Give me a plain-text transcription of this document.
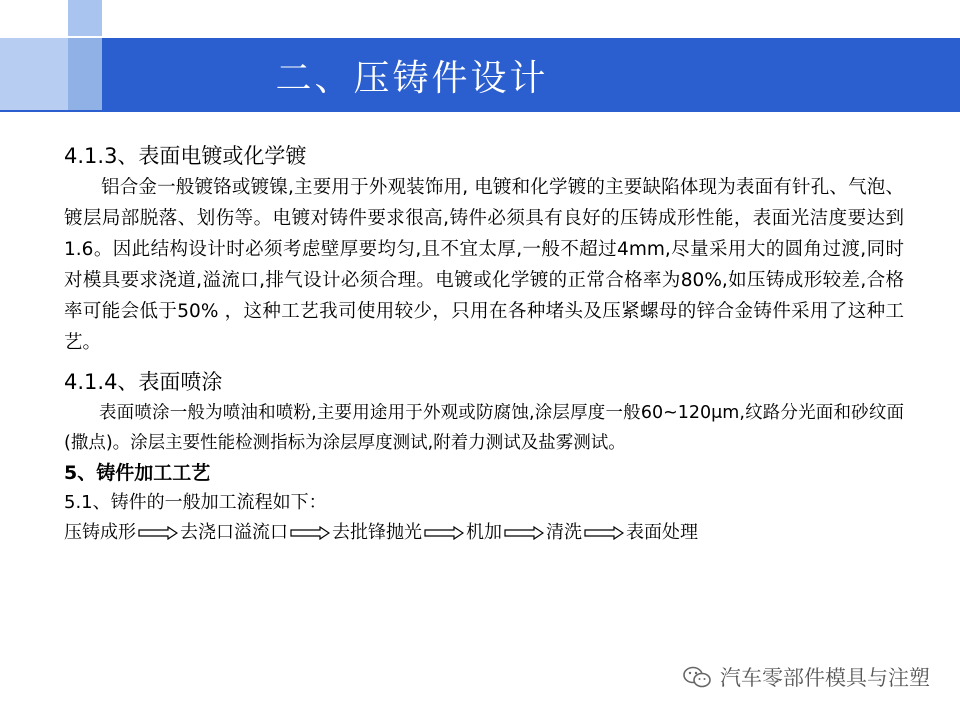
二、压铸件设计

4.1.3、表面电镀或化学镀

铝合金一般镀铬或镀镍,主要用于外观装饰用, 电镀和化学镀的主要缺陷体现为表面有针孔、气泡、镀层局部脱落、划伤等。电镀对铸件要求很高,铸件必须具有良好的压铸成形性能，表面光洁度要达到1.6。因此结构设计时必须考虑壁厚要均匀,且不宜太厚,一般不超过4mm,尽量采用大的圆角过渡,同时对模具要求浇道,溢流口,排气设计必须合理。电镀或化学镀的正常合格率为80%,如压铸成形较差,合格率可能会低于50% ，这种工艺我司使用较少，只用在各种堵头及压紧螺母的锌合金铸件采用了这种工艺。

4.1.4、表面喷涂

表面喷涂一般为喷油和喷粉,主要用途用于外观或防腐蚀,涂层厚度一般60~120μm,纹路分光面和砂纹面(撒点)。涂层主要性能检测指标为涂层厚度测试,附着力测试及盐雾测试。

5、铸件加工工艺

5.1、铸件的一般加工流程如下：

压铸成形 去浇口溢流口 去批锋抛光 机加 清洗 表面处理
汽车零部件模具与注塑
